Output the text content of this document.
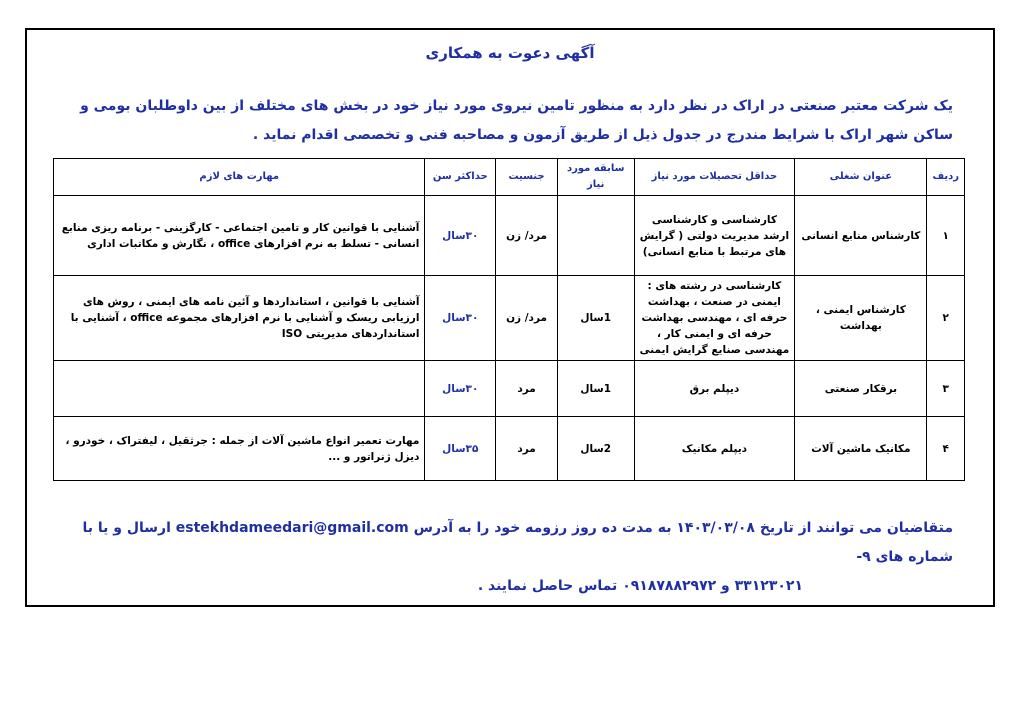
آگهی دعوت به همکاری
یک شرکت معتبر صنعتی در اراک در نظر دارد به منظور تامین نیروی مورد نیاز خود در بخش های مختلف از بین داوطلبان بومی و ساکن شهر اراک با شرایط مندرج در جدول ذیل از طریق آزمون و مصاحبه فنی و تخصصی اقدام نماید .
ردیف	عنوان شغلی	حداقل تحصیلات مورد نیاز	سابقه مورد نیاز	جنسیت	حداکثر سن	مهارت های لازم
۱	کارشناس منابع انسانی	کارشناسی و کارشناسی ارشد مدیریت دولتی ( گرایش های مرتبط با منابع انسانی)		مرد/ زن	۳۰سال	آشنایی با قوانین کار و تامین اجتماعی - کارگزینی - برنامه ریزی منابع انسانی - تسلط به نرم افزارهای office ، نگارش و مکاتبات اداری
۲	کارشناس ایمنی ، بهداشت	کارشناسی در رشته های : ایمنی در صنعت ، بهداشت حرفه ای ، مهندسی بهداشت حرفه ای و ایمنی کار ، مهندسی صنایع گرایش ایمنی	1سال	مرد/ زن	۳۰سال	آشنایی با قوانین ، استانداردها و آئین نامه های ایمنی ، روش های ارزیابی ریسک و آشنایی با نرم افزارهای مجموعه office ، آشنایی با استانداردهای مدیریتی ISO
۳	برقکار صنعتی	دیپلم برق	1سال	مرد	۳۰سال	
۴	مکانیک ماشین آلات	دیپلم مکانیک	2سال	مرد	۳۵سال	مهارت تعمیر انواع ماشین آلات از جمله : جرثقیل ، لیفتراک ، خودرو ، دیزل ژنراتور و ...
متقاضیان می توانند از تاریخ ۱۴۰۳/۰۳/۰۸ به مدت ده روز رزومه خود را به آدرس estekhdameedari@gmail.com ارسال و یا با شماره های ۹-
۳۳۱۲۳۰۲۱ و ۰۹۱۸۷۸۸۲۹۷۲ تماس حاصل نمایند .
